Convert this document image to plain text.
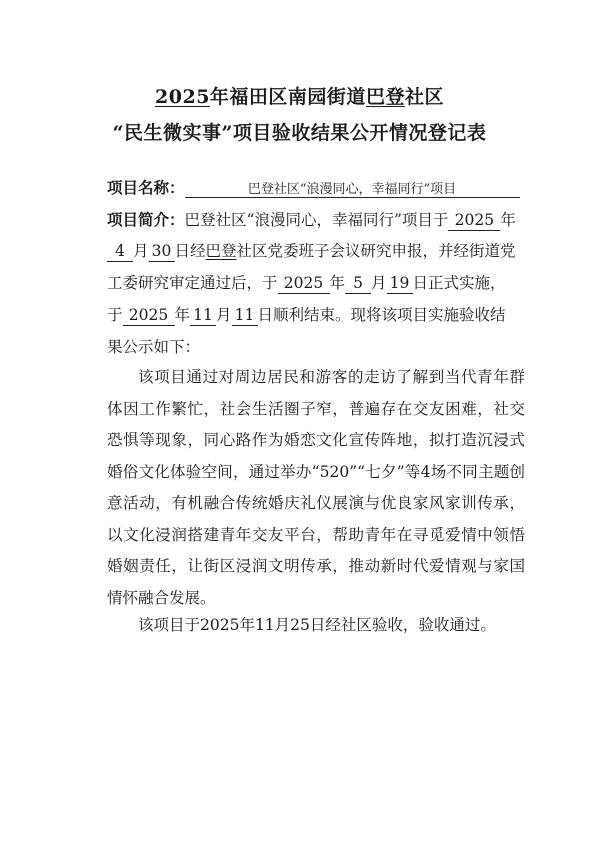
2025年福田区南园街道巴登社区
“民生微实事”项目验收结果公开情况登记表
项目名称：	巴登社区“浪漫同心，幸福同行”项目
项目简介：巴登社区“浪漫同心，幸福同行”项目于 2025 年
4 月 30 日经巴登社区党委班子会议研究申报，并经街道党
工委研究审定通过后，于 2025 年 5 月 19 日正式实施，
于 2025 年 11 月 11 日顺利结束。现将该项目实施验收结
果公示如下：
该项目通过对周边居民和游客的走访了解到当代青年群体因工作繁忙，社会生活圈子窄，普遍存在交友困难，社交恐惧等现象，同心路作为婚恋文化宣传阵地，拟打造沉浸式婚俗文化体验空间，通过举办“520”“七夕”等4场不同主题创意活动，有机融合传统婚庆礼仪展演与优良家风家训传承，以文化浸润搭建青年交友平台，帮助青年在寻觅爱情中领悟婚姻责任，让街区浸润文明传承，推动新时代爱情观与家国情怀融合发展。
该项目于2025年11月25日经社区验收，验收通过。
